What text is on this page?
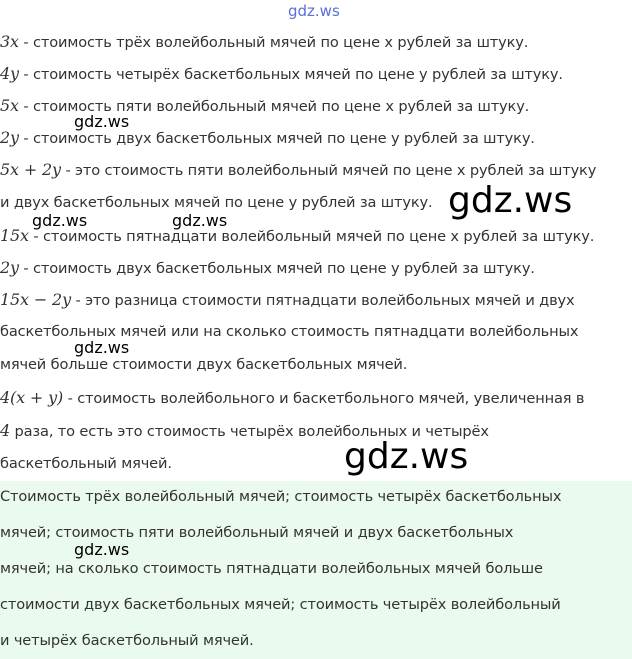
3x - стоимость трёх волейбольный мячей по цене x рублей за штуку.
4y - стоимость четырёх баскетбольных мячей по цене y рублей за штуку.
5x - стоимость пяти волейбольный мячей по цене x рублей за штуку.
2y - стоимость двух баскетбольных мячей по цене y рублей за штуку.
5x + 2y - это стоимость пяти волейбольный мячей по цене x рублей за штуку
и двух баскетбольных мячей по цене y рублей за штуку.
15x - стоимость пятнадцати волейбольный мячей по цене x рублей за штуку.
2y - стоимость двух баскетбольных мячей по цене y рублей за штуку.
15x − 2y - это разница стоимости пятнадцати волейбольных мячей и двух
баскетбольных мячей или на сколько стоимость пятнадцати волейбольных
мячей больше стоимости двух баскетбольных мячей.
4(x + y) - стоимость волейбольного и баскетбольного мячей, увеличенная в
4 раза, то есть это стоимость четырёх волейбольных и четырёх
баскетбольный мячей.
Стоимость трёх волейбольный мячей; стоимость четырёх баскетбольных
мячей; стоимость пяти волейбольный мячей и двух баскетбольных
мячей; на сколько стоимость пятнадцати волейбольных мячей больше
стоимости двух баскетбольных мячей; стоимость четырёх волейбольный
и четырёх баскетбольный мячей.
gdz.ws
gdz.ws
gdz.ws
gdz.ws	gdz.ws
gdz.ws
gdz.ws
gdz.ws
